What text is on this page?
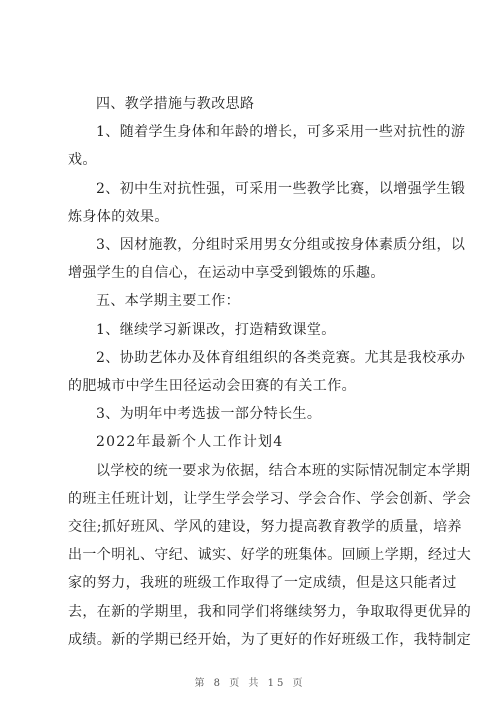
四、教学措施与教改思路
1、随着学生身体和年龄的增长，可多采用一些对抗性的游
戏。
2、初中生对抗性强，可采用一些教学比赛，以增强学生锻
炼身体的效果。
3、因材施教，分组时采用男女分组或按身体素质分组，以
增强学生的自信心，在运动中享受到锻炼的乐趣。
五、本学期主要工作：
1、继续学习新课改，打造精致课堂。
2、协助艺体办及体育组组织的各类竞赛。尤其是我校承办
的肥城市中学生田径运动会田赛的有关工作。
3、为明年中考选拔一部分特长生。
2022年最新个人工作计划4
以学校的统一要求为依据，结合本班的实际情况制定本学期
的班主任班计划，让学生学会学习、学会合作、学会创新、学会
交往;抓好班风、学风的建设，努力提高教育教学的质量，培养
出一个明礼、守纪、诚实、好学的班集体。回顾上学期，经过大
家的努力，我班的班级工作取得了一定成绩，但是这只能者过
去，在新的学期里，我和同学们将继续努力，争取取得更优异的
成绩。新的学期已经开始，为了更好的作好班级工作，我特制定
第 8 页 共 15 页
